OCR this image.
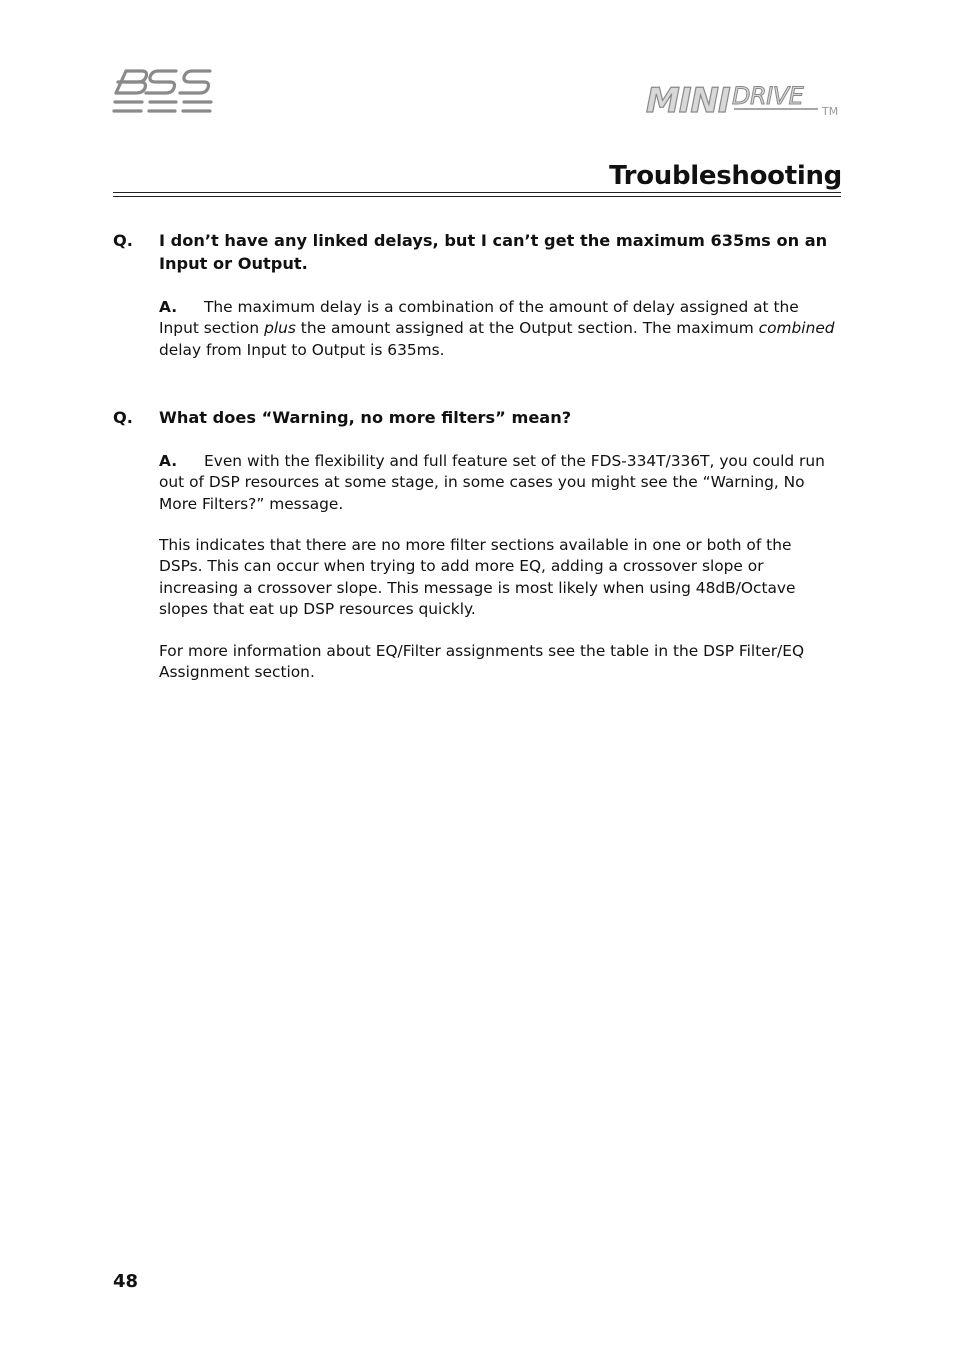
BSS
MINI DRIVE
TM
MINIDRIVE
Troubleshooting
Q. I don’t have any linked delays, but I can’t get the maximum 635ms on an Input or Output.
A. The maximum delay is a combination of the amount of delay assigned at the Input section plus the amount assigned at the Output section. The maximum combined delay from Input to Output is 635ms.
Q. What does “Warning, no more filters” mean?
A. Even with the flexibility and full feature set of the FDS-334T/336T, you could run out of DSP resources at some stage, in some cases you might see the “Warning, No More Filters?” message.
This indicates that there are no more filter sections available in one or both of the DSPs. This can occur when trying to add more EQ, adding a crossover slope or increasing a crossover slope. This message is most likely when using 48dB/Octave slopes that eat up DSP resources quickly.
For more information about EQ/Filter assignments see the table in the DSP Filter/EQ Assignment section.
48
